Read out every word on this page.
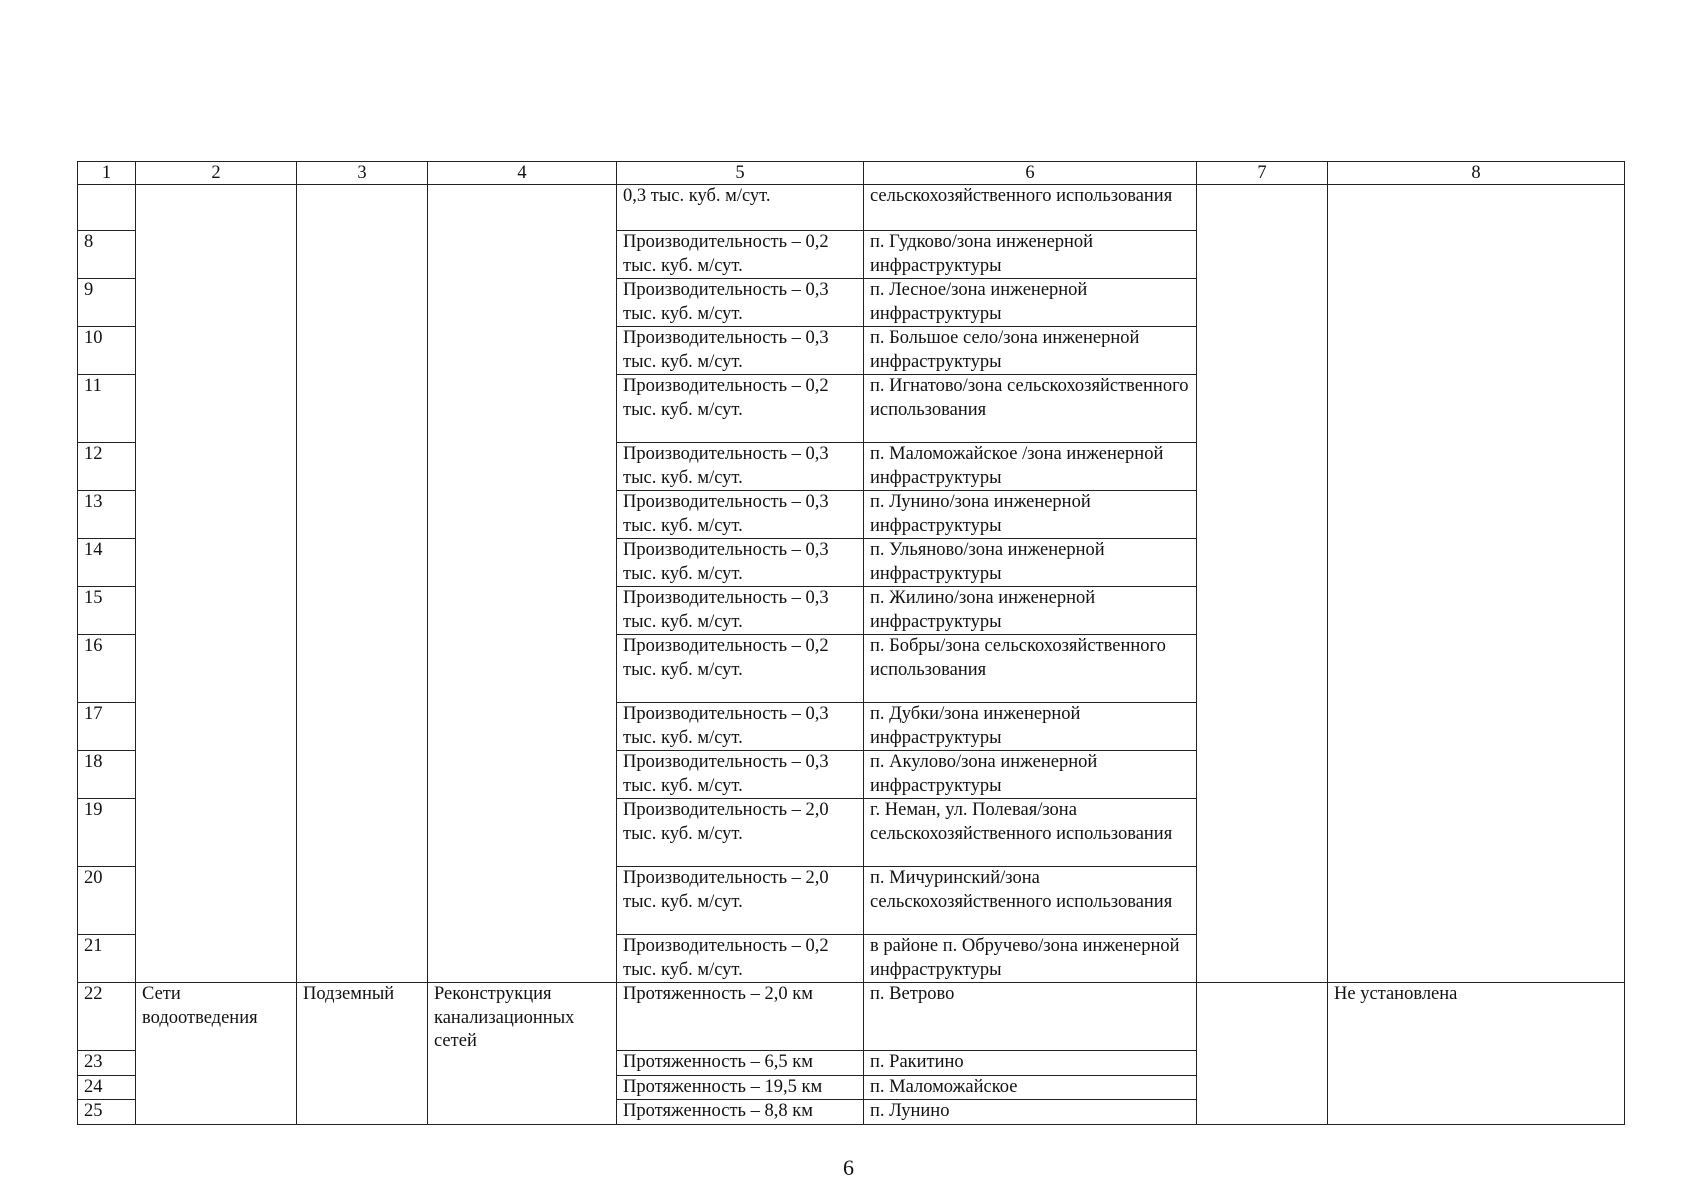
1	2	3	4	5	6	7	8
				0,3 тыс. куб. м/сут.	сельскохозяйственного использования		
8				Производительность – 0,2 тыс. куб. м/сут.	п. Гудково/зона инженерной инфраструктуры		
9				Производительность – 0,3 тыс. куб. м/сут.	п. Лесное/зона инженерной инфраструктуры		
10				Производительность – 0,3 тыс. куб. м/сут.	п. Большое село/зона инженерной инфраструктуры		
11				Производительность – 0,2 тыс. куб. м/сут.	п. Игнатово/зона сельскохозяйственного использования		
12				Производительность – 0,3 тыс. куб. м/сут.	п. Маломожайское /зона инженерной инфраструктуры		
13				Производительность – 0,3 тыс. куб. м/сут.	п. Лунино/зона инженерной инфраструктуры		
14				Производительность – 0,3 тыс. куб. м/сут.	п. Ульяново/зона инженерной инфраструктуры		
15				Производительность – 0,3 тыс. куб. м/сут.	п. Жилино/зона инженерной инфраструктуры		
16				Производительность – 0,2 тыс. куб. м/сут.	п. Бобры/зона сельскохозяйственного использования		
17				Производительность – 0,3 тыс. куб. м/сут.	п. Дубки/зона инженерной инфраструктуры		
18				Производительность – 0,3 тыс. куб. м/сут.	п. Акулово/зона инженерной инфраструктуры		
19				Производительность – 2,0 тыс. куб. м/сут.	г. Неман, ул. Полевая/зона сельскохозяйственного использования		
20				Производительность – 2,0 тыс. куб. м/сут.	п. Мичуринский/зона сельскохозяйственного использования		
21				Производительность – 0,2 тыс. куб. м/сут.	в районе п. Обручево/зона инженерной инфраструктуры		
22	Сети водоотведения	Подземный	Реконструкция канализационных сетей	Протяженность – 2,0 км	п. Ветрово		Не установлена
23				Протяженность – 6,5 км	п. Ракитино		
24				Протяженность – 19,5 км	п. Маломожайское		
25				Протяженность – 8,8 км	п. Лунино		
6
